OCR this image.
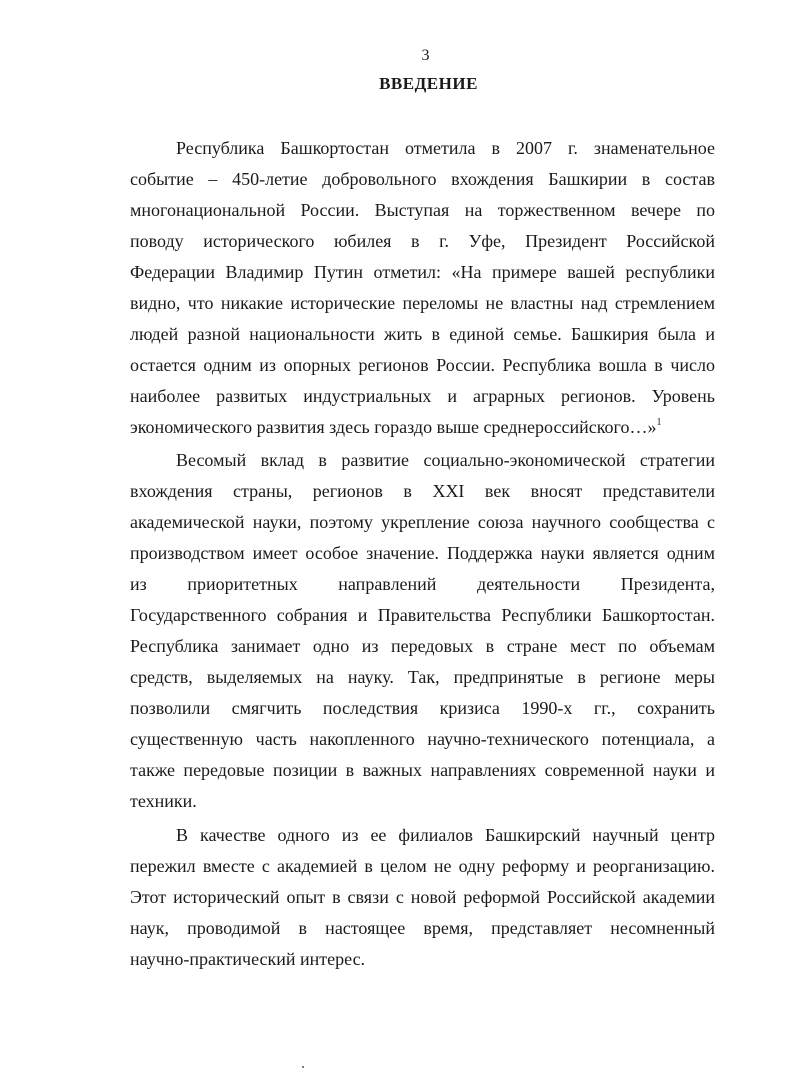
3
ВВЕДЕНИЕ
Республика Башкортостан отметила в 2007 г. знаменательное
событие – 450-летие добровольного вхождения Башкирии в состав
многонациональной России. Выступая на торжественном вечере по
поводу исторического юбилея в г. Уфе, Президент Российской
Федерации Владимир Путин отметил: «На примере вашей республики
видно, что никакие исторические переломы не властны над стремлением
людей разной национальности жить в единой семье. Башкирия была и
остается одним из опорных регионов России. Республика вошла в число
наиболее развитых индустриальных и аграрных регионов. Уровень
экономического развития здесь гораздо выше среднероссийского…»$^1$
Весомый вклад в развитие социально-экономической стратегии
вхождения страны, регионов в XXI век вносят представители
академической науки, поэтому укрепление союза научного сообщества с
производством имеет особое значение. Поддержка науки является одним
из приоритетных направлений деятельности Президента,
Государственного собрания и Правительства Республики Башкортостан.
Республика занимает одно из передовых в стране мест по объемам
средств, выделяемых на науку. Так, предпринятые в регионе меры
позволили смягчить последствия кризиса 1990-х гг., сохранить
существенную часть накопленного научно-технического потенциала, а
также передовые позиции в важных направлениях современной науки и
техники.
В качестве одного из ее филиалов Башкирский научный центр
пережил вместе с академией в целом не одну реформу и реорганизацию.
Этот исторический опыт в связи с новой реформой Российской академии
наук, проводимой в настоящее время, представляет несомненный
научно-практический интерес.
